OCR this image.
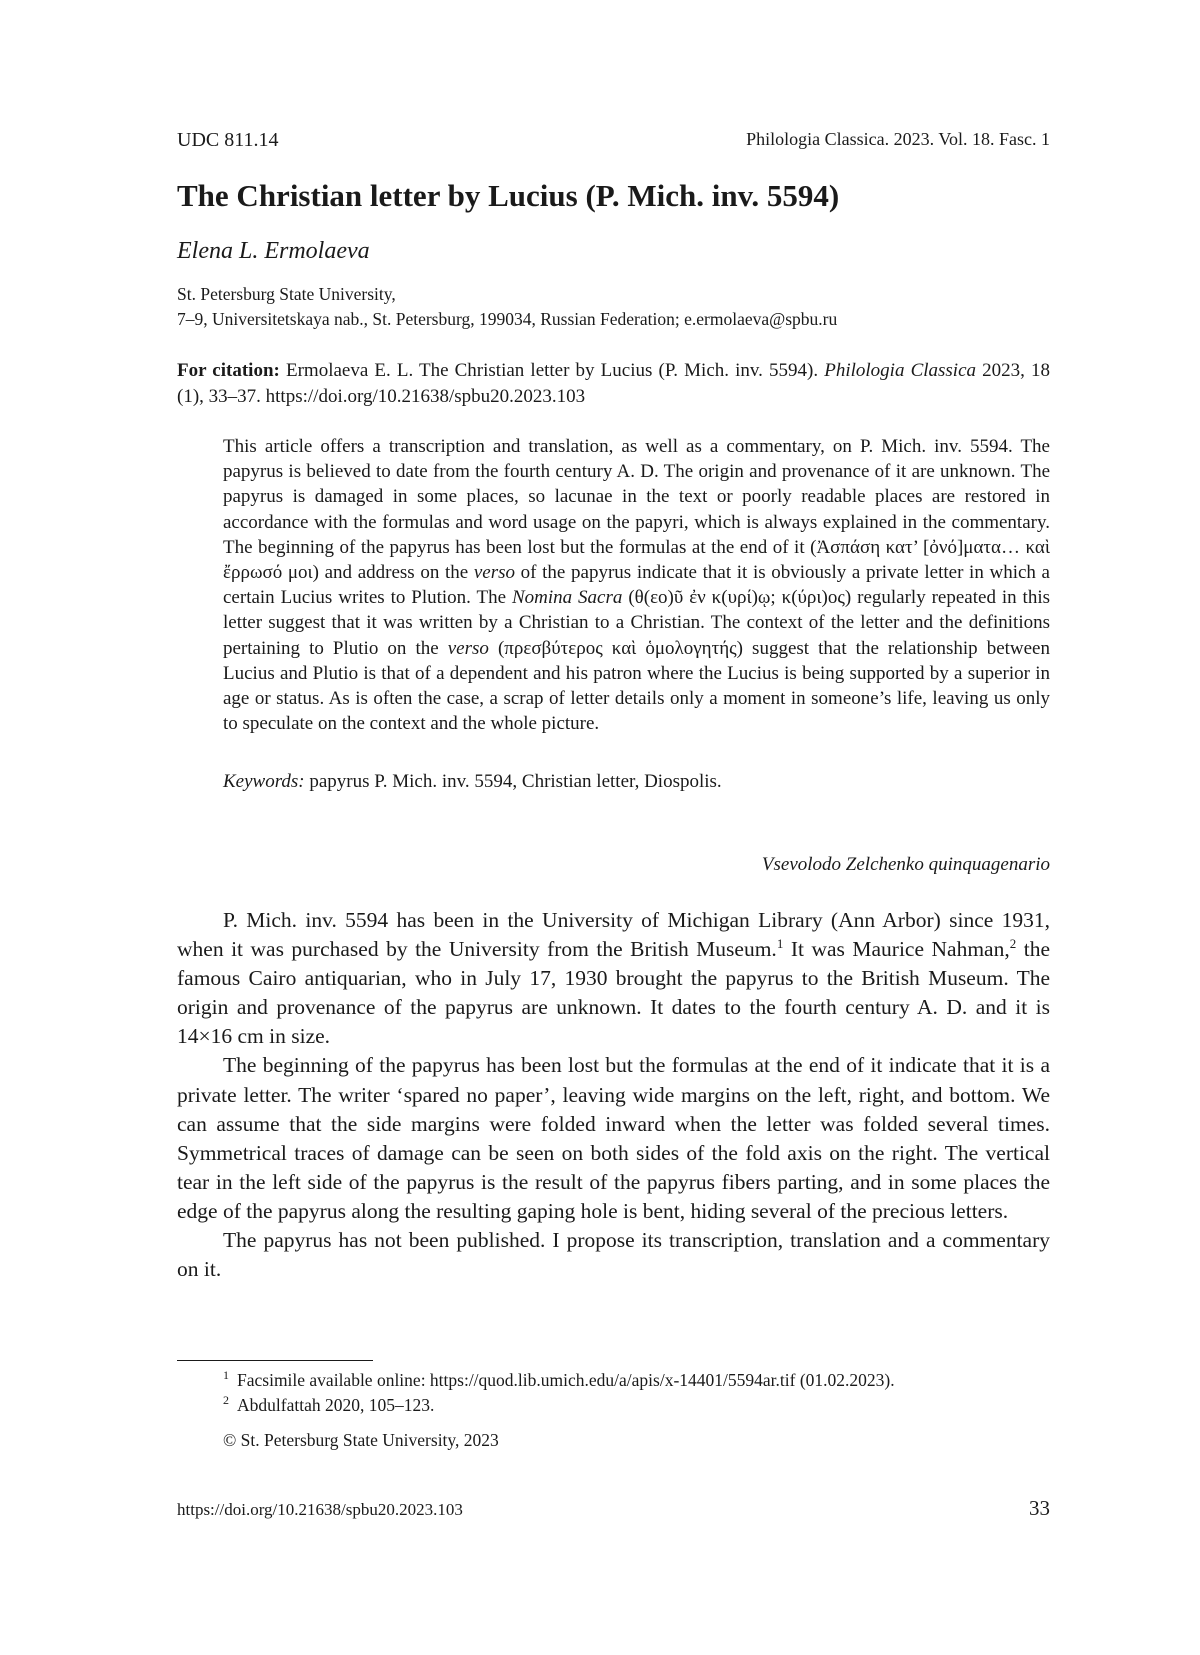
UDC 811.14	Philologia Classica. 2023. Vol. 18. Fasc. 1
The Christian letter by Lucius (P. Mich. inv. 5594)
Elena L. Ermolaeva
St. Petersburg State University,
7–9, Universitetskaya nab., St. Petersburg, 199034, Russian Federation; e.ermolaeva@spbu.ru
For citation: Ermolaeva E. L. The Christian letter by Lucius (P. Mich. inv. 5594). Philologia Classica 2023, 18 (1), 33–37. https://doi.org/10.21638/spbu20.2023.103
This article offers a transcription and translation, as well as a commentary, on P. Mich. inv. 5594. The papyrus is believed to date from the fourth century A. D. The origin and provenance of it are unknown. The papyrus is damaged in some places, so lacunae in the text or poorly readable places are restored in accordance with the formulas and word usage on the papyri, which is always explained in the commentary. The beginning of the papyrus has been lost but the formulas at the end of it (Ἀσπάση κατ’ [ὀνό]ματα… καὶ ἔρρωσό μοι) and address on the verso of the papyrus indicate that it is obviously a private letter in which a certain Lucius writes to Plution. The Nomina Sacra (θ(εο)ῦ ἐν κ(υρί)ῳ; κ(ύρι)ος) regularly repeated in this letter suggest that it was written by a Christian to a Christian. The context of the letter and the definitions pertaining to Plutio on the verso (πρεσβύτερος καὶ ὁμολογητής) suggest that the relationship between Lucius and Plutio is that of a dependent and his patron where the Lucius is being supported by a superior in age or status. As is often the case, a scrap of letter details only a moment in someone’s life, leaving us only to speculate on the context and the whole picture.
Keywords: papyrus P. Mich. inv. 5594, Christian letter, Diospolis.
Vsevolodo Zelchenko quinquagenario

P. Mich. inv. 5594 has been in the University of Michigan Library (Ann Arbor) since 1931, when it was purchased by the University from the British Museum.$^1$ It was Maurice Nahman,$^2$ the famous Cairo antiquarian, who in July 17, 1930 brought the papyrus to the British Museum. The origin and provenance of the papyrus are unknown. It dates to the fourth century A. D. and it is 14×16 cm in size.

The beginning of the papyrus has been lost but the formulas at the end of it indicate that it is a private letter. The writer ‘spared no paper’, leaving wide margins on the left, right, and bottom. We can assume that the side margins were folded inward when the letter was folded several times. Symmetrical traces of damage can be seen on both sides of the fold axis on the right. The vertical tear in the left side of the papyrus is the result of the papyrus fibers parting, and in some places the edge of the papyrus along the resulting gaping hole is bent, hiding several of the precious letters.

The papyrus has not been published. I propose its transcription, translation and a commentary on it.

$^1$ Facsimile available online: https://quod.lib.umich.edu/a/apis/x-14401/5594ar.tif (01.02.2023).
$^2$ Abdulfattah 2020, 105–123.
© St. Petersburg State University, 2023
https://doi.org/10.21638/spbu20.2023.103	33
